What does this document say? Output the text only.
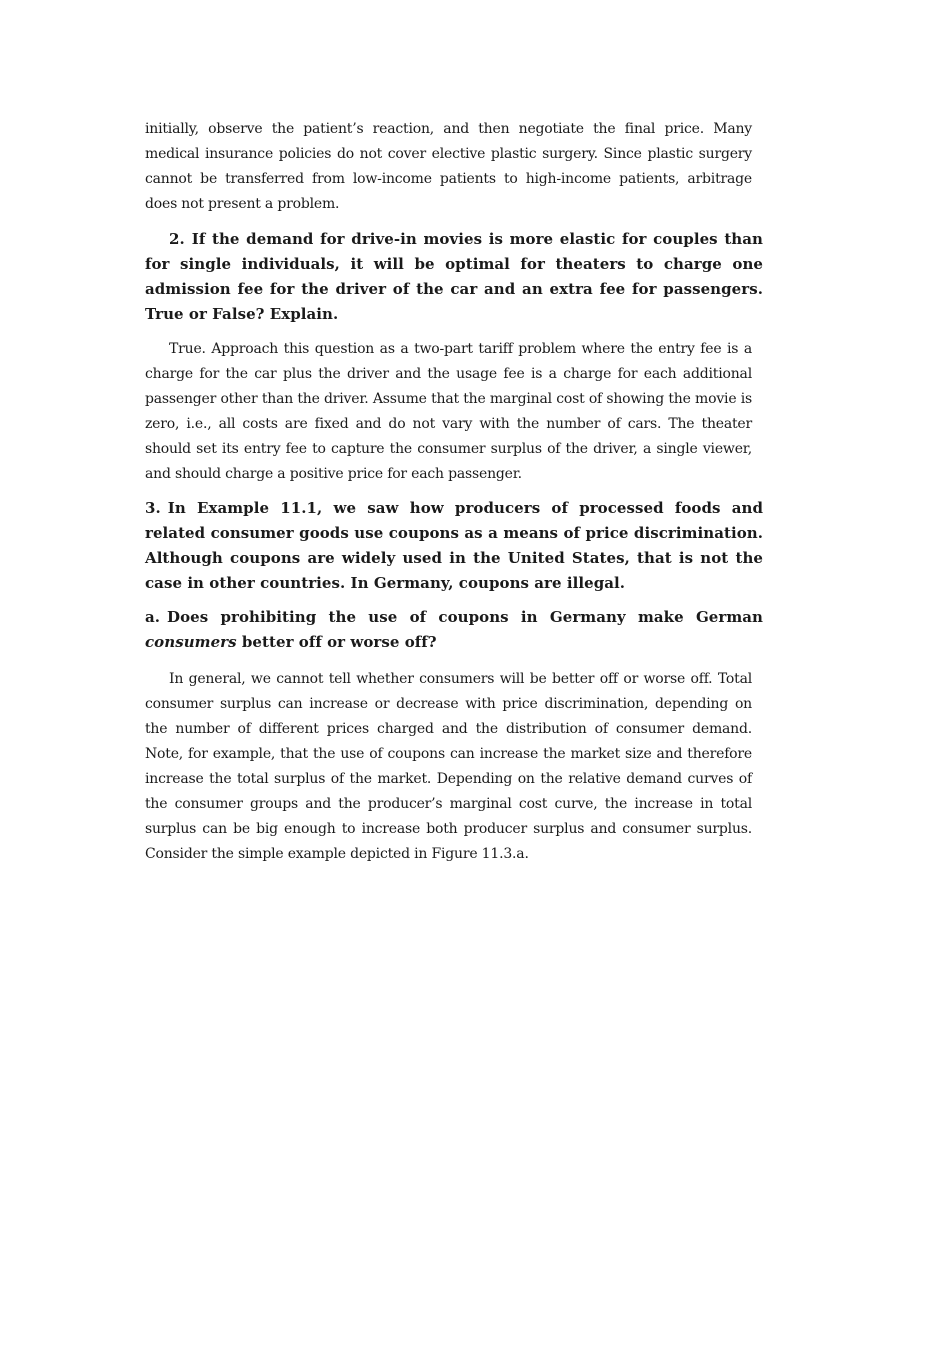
initially, observe the patient’s reaction, and then negotiate the final price. Many medical insurance policies do not cover elective plastic surgery. Since plastic surgery cannot be transferred from low-income patients to high-income patients, arbitrage does not present a problem.

2. If the demand for drive-in movies is more elastic for couples than for single individuals, it will be optimal for theaters to charge one admission fee for the driver of the car and an extra fee for passengers. True or False? Explain.

True. Approach this question as a two-part tariff problem where the entry fee is a charge for the car plus the driver and the usage fee is a charge for each additional passenger other than the driver. Assume that the marginal cost of showing the movie is zero, i.e., all costs are fixed and do not vary with the number of cars. The theater should set its entry fee to capture the consumer surplus of the driver, a single viewer, and should charge a positive price for each passenger.

3. In Example 11.1, we saw how producers of processed foods and related consumer goods use coupons as a means of price discrimination. Although coupons are widely used in the United States, that is not the case in other countries. In Germany, coupons are illegal.

a. Does prohibiting the use of coupons in Germany make German consumers better off or worse off?

In general, we cannot tell whether consumers will be better off or worse off. Total consumer surplus can increase or decrease with price discrimination, depending on the number of different prices charged and the distribution of consumer demand. Note, for example, that the use of coupons can increase the market size and therefore increase the total surplus of the market. Depending on the relative demand curves of the consumer groups and the producer’s marginal cost curve, the increase in total surplus can be big enough to increase both producer surplus and consumer surplus. Consider the simple example depicted in Figure 11.3.a.
